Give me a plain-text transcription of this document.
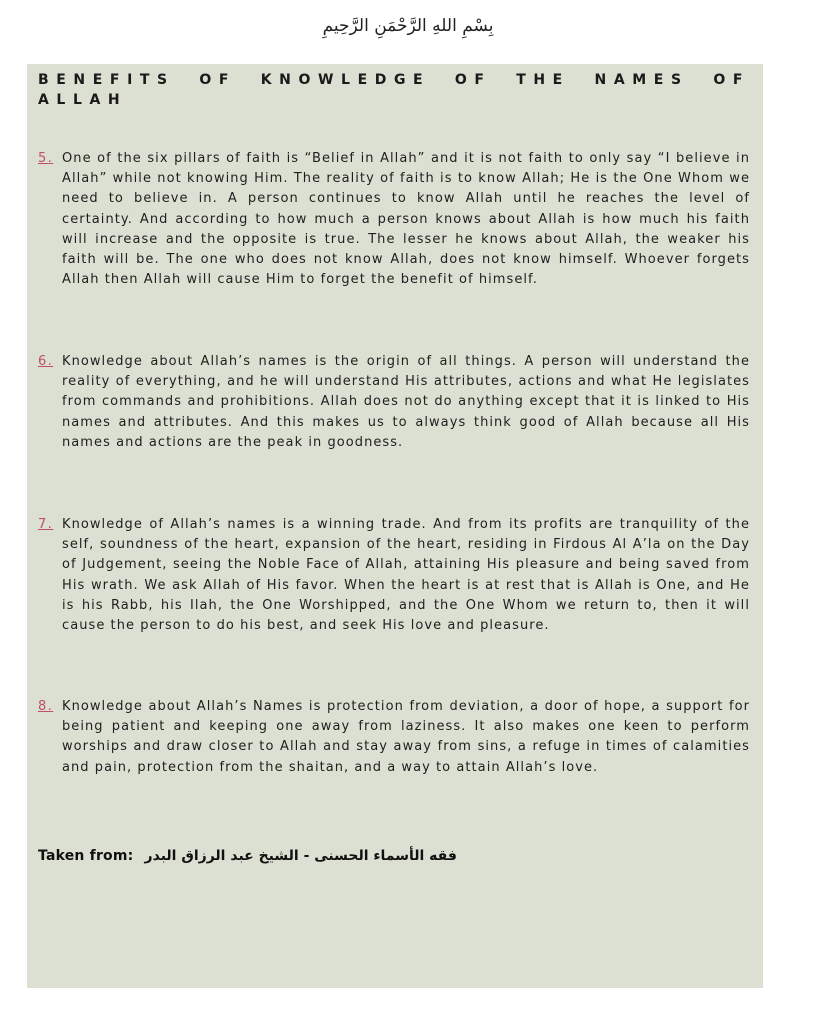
بِسْمِ اللهِ الرَّحْمَنِ الرَّحِيمِ
BENEFITS OF KNOWLEDGE OF THE NAMES OF ALLAH
5. One of the six pillars of faith is “Belief in Allah” and it is not faith to only say “I believe in Allah” while not knowing Him. The reality of faith is to know Allah; He is the One Whom we need to believe in. A person continues to know Allah until he reaches the level of certainty. And according to how much a person knows about Allah is how much his faith will increase and the opposite is true. The lesser he knows about Allah, the weaker his faith will be. The one who does not know Allah, does not know himself. Whoever forgets Allah then Allah will cause Him to forget the benefit of himself.

6. Knowledge about Allah’s names is the origin of all things. A person will understand the reality of everything, and he will understand His attributes, actions and what He legislates from commands and prohibitions. Allah does not do anything except that it is linked to His names and attributes. And this makes us to always think good of Allah because all His names and actions are the peak in goodness.

7. Knowledge of Allah’s names is a winning trade. And from its profits are tranquility of the self, soundness of the heart, expansion of the heart, residing in Firdous Al A’la on the Day of Judgement, seeing the Noble Face of Allah, attaining His pleasure and being saved from His wrath. We ask Allah of His favor. When the heart is at rest that is Allah is One, and He is his Rabb, his Ilah, the One Worshipped, and the One Whom we return to, then it will cause the person to do his best, and seek His love and pleasure.

8. Knowledge about Allah’s Names is protection from deviation, a door of hope, a support for being patient and keeping one away from laziness. It also makes one keen to perform worships and draw closer to Allah and stay away from sins, a refuge in times of calamities and pain, protection from the shaitan, and a way to attain Allah’s love.

Taken from: فقه الأسماء الحسنى - الشيخ عبد الرزاق البدر
